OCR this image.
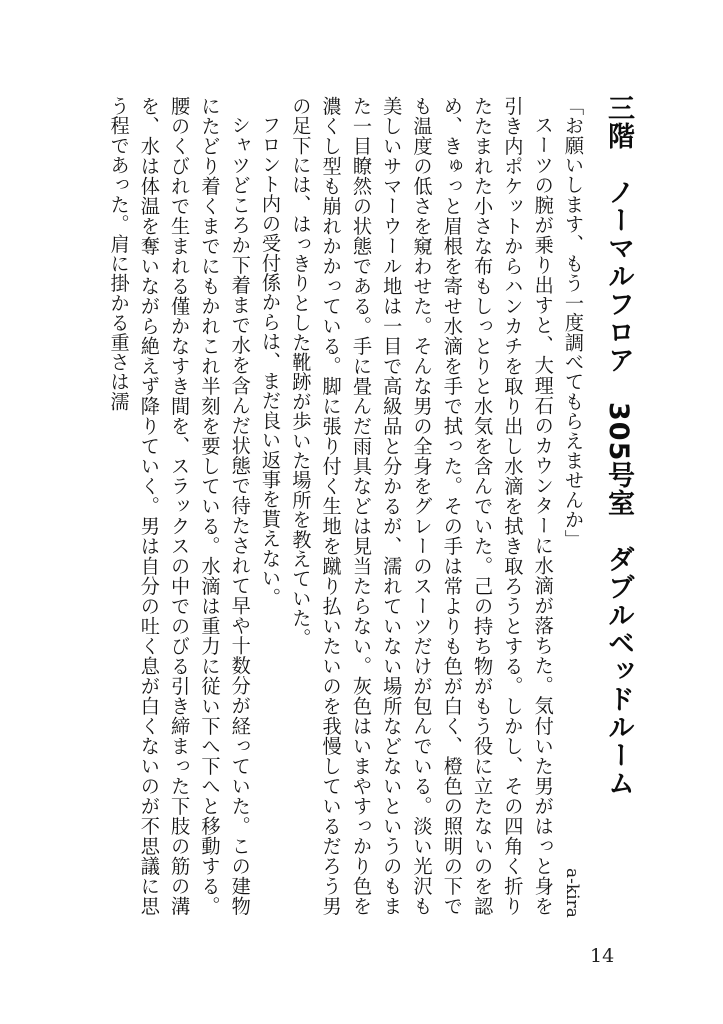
三階　ノーマルフロア　305号室　ダブルベッドルーム
a-kira

「お願いします、もう一度調べてもらえませんか」

スーツの腕が乗り出すと、大理石のカウンターに水滴が落ちた。気付いた男がはっと身を引き内ポケットからハンカチを取り出し水滴を拭き取ろうとする。しかし、その四角く折りたたまれた小さな布もしっとりと水気を含んでいた。己の持ち物がもう役に立たないのを認め、きゅっと眉根を寄せ水滴を手で拭った。その手は常よりも色が白く、橙色の照明の下でも温度の低さを窺わせた。そんな男の全身をグレーのスーツだけが包んでいる。淡い光沢も美しいサマーウール地は一目で高級品と分かるが、濡れていない場所などないというのもまた一目瞭然の状態である。手に畳んだ雨具などは見当たらない。灰色はいまやすっかり色を濃くし型も崩れかかっている。脚に張り付く生地を蹴り払いたいのを我慢しているだろう男の足下には、はっきりとした靴跡が歩いた場所を教えていた。

フロント内の受付係からは、まだ良い返事を貰えない。

シャツどころか下着まで水を含んだ状態で待たされて早や十数分が経っていた。この建物にたどり着くまでにもかれこれ半刻を要している。水滴は重力に従い下へ下へと移動する。腰のくびれで生まれる僅かなすき間を、スラックスの中でのびる引き締まった下肢の筋の溝を、水は体温を奪いながら絶えず降りていく。男は自分の吐く息が白くないのが不思議に思う程であった。肩に掛かる重さは濡

14
